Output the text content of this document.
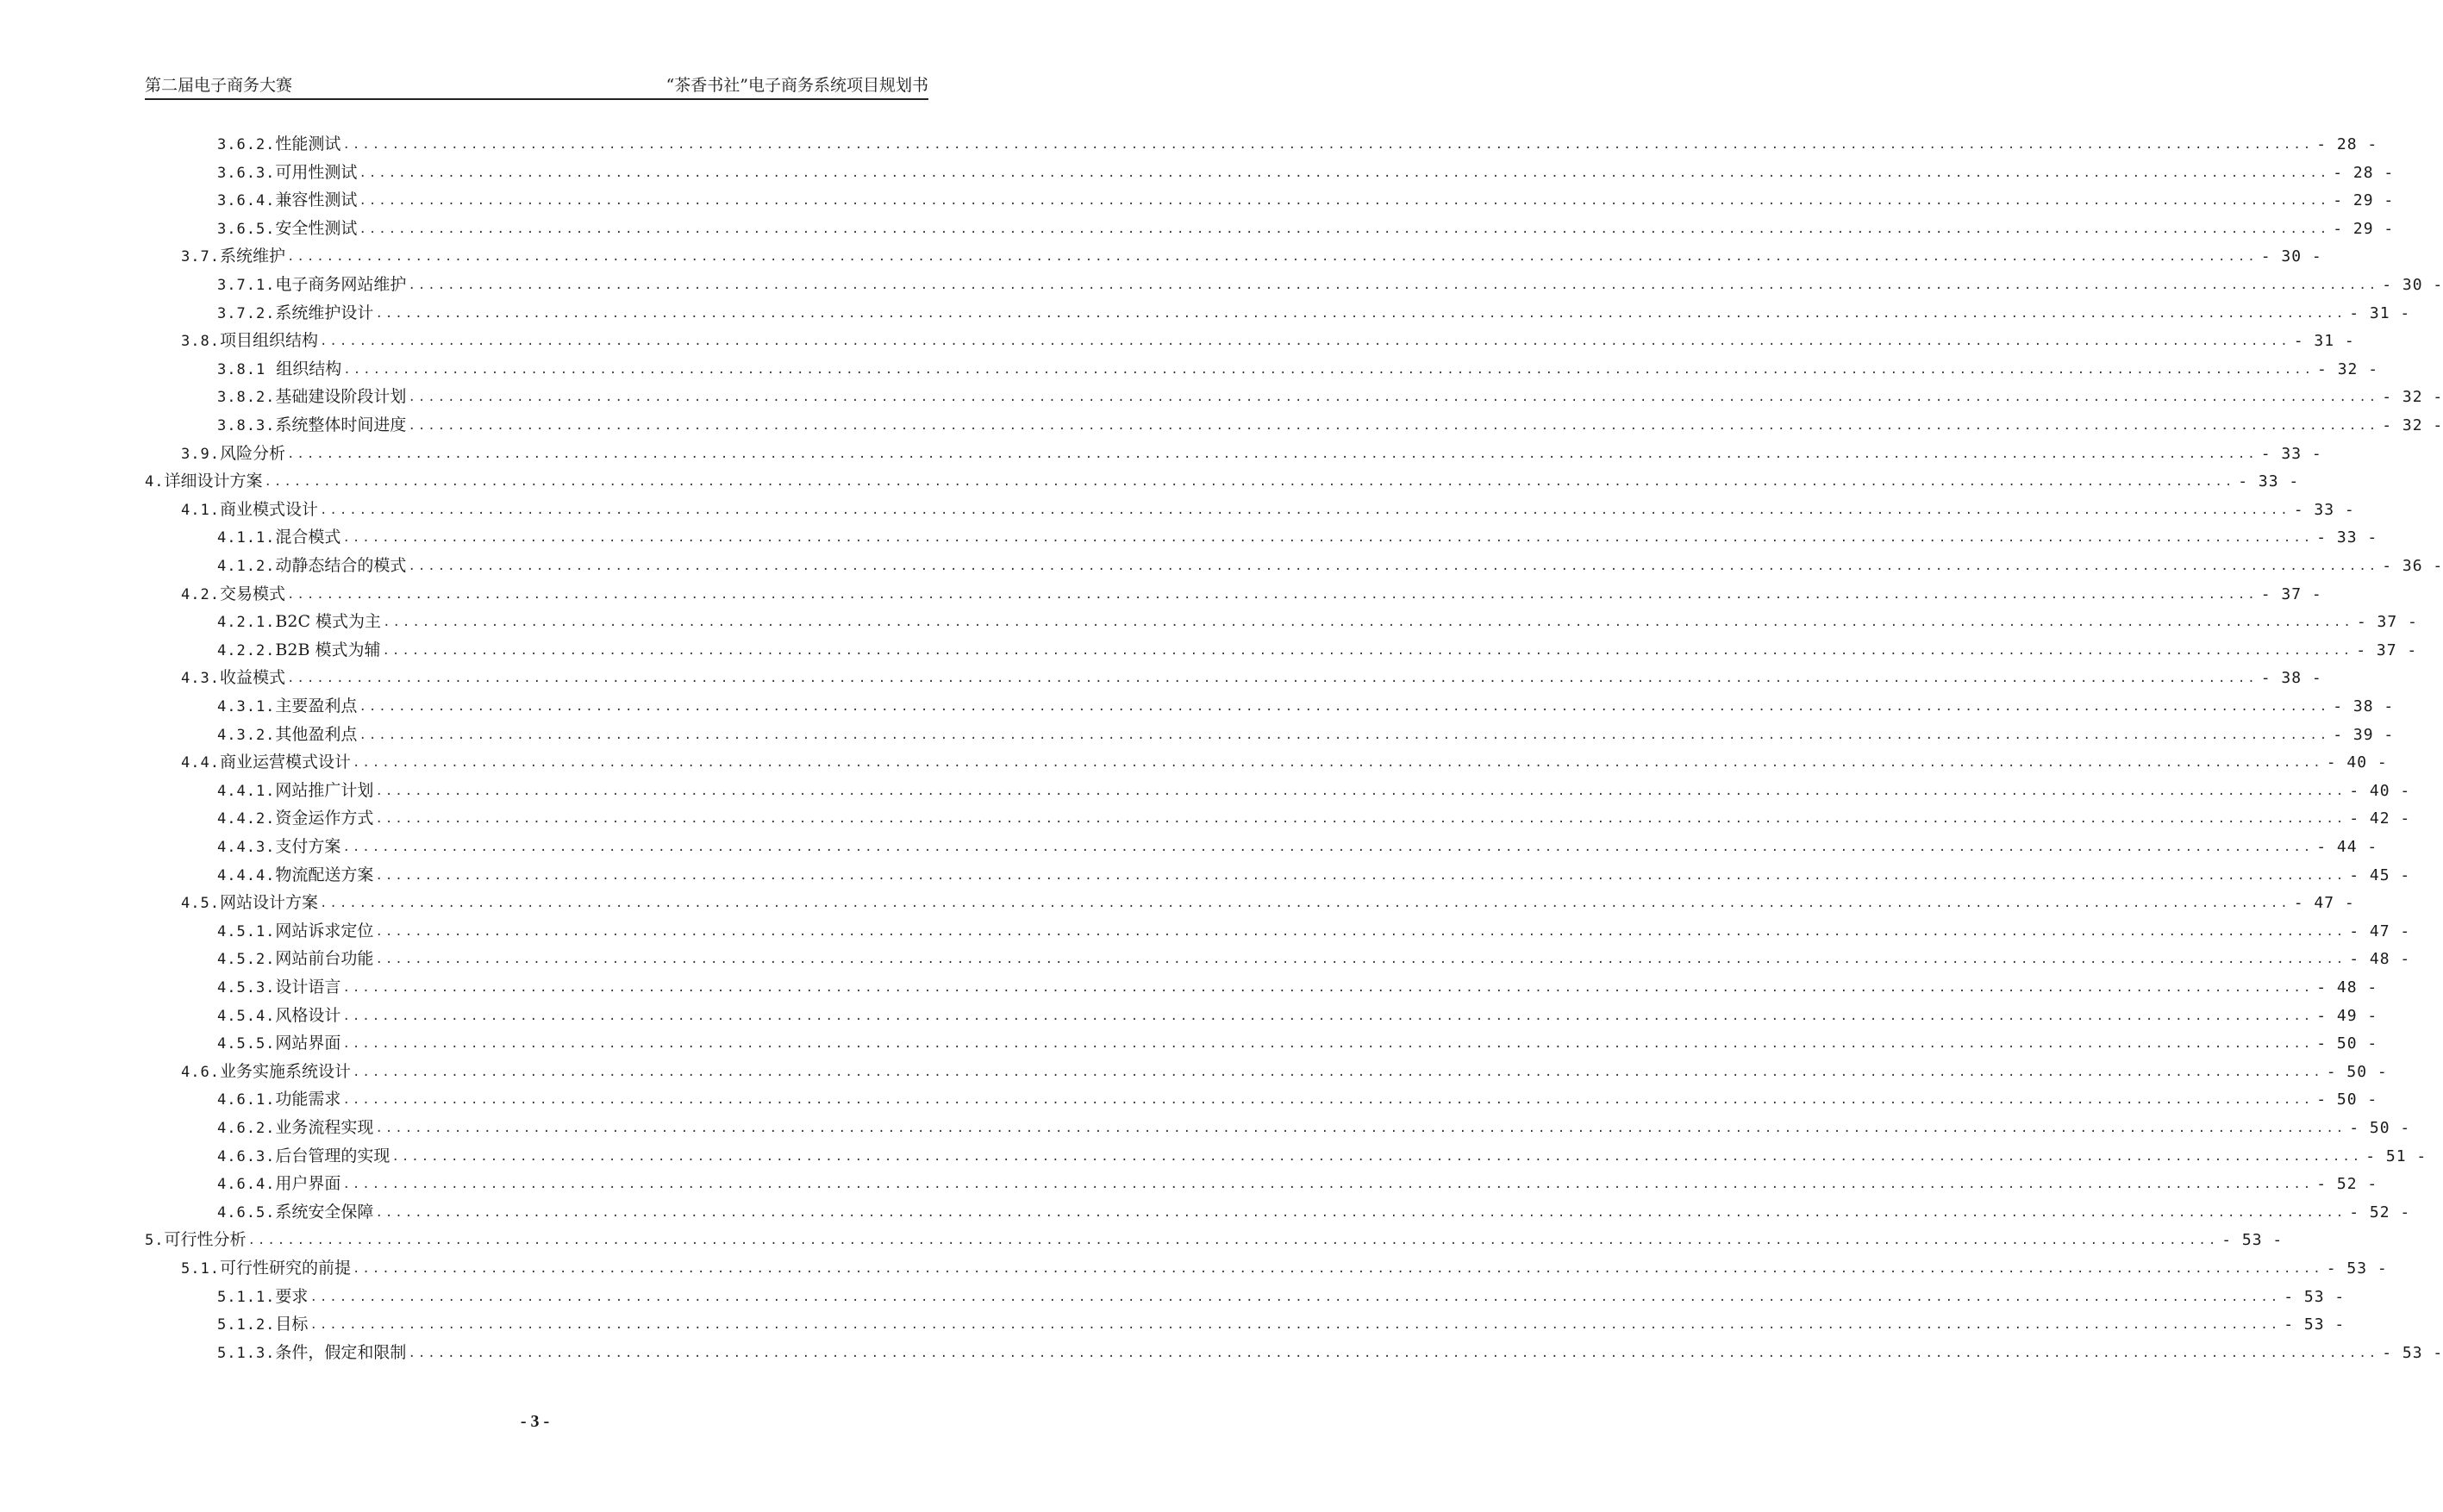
第二届电子商务大赛	“茶香书社”电子商务系统项目规划书
3.6.2.性能测试 ........................................................................................................................................................................................................ - 28 -
3.6.3.可用性测试 ........................................................................................................................................................................................................ - 28 -
3.6.4.兼容性测试 ........................................................................................................................................................................................................ - 29 -
3.6.5.安全性测试 ........................................................................................................................................................................................................ - 29 -
3.7.系统维护 ........................................................................................................................................................................................................ - 30 -
3.7.1.电子商务网站维护 ........................................................................................................................................................................................................ - 30 -
3.7.2.系统维护设计 ........................................................................................................................................................................................................ - 31 -
3.8.项目组织结构 ........................................................................................................................................................................................................ - 31 -
3.8.1  组织结构 ........................................................................................................................................................................................................ - 32 -
3.8.2.基础建设阶段计划 ........................................................................................................................................................................................................ - 32 -
3.8.3.系统整体时间进度 ........................................................................................................................................................................................................ - 32 -
3.9.风险分析 ........................................................................................................................................................................................................ - 33 -
4.详细设计方案 ........................................................................................................................................................................................................ - 33 -
4.1.商业模式设计 ........................................................................................................................................................................................................ - 33 -
4.1.1.混合模式 ........................................................................................................................................................................................................ - 33 -
4.1.2.动静态结合的模式 ........................................................................................................................................................................................................ - 36 -
4.2.交易模式 ........................................................................................................................................................................................................ - 37 -
4.2.1.B2C 模式为主 ........................................................................................................................................................................................................ - 37 -
4.2.2.B2B 模式为辅 ........................................................................................................................................................................................................ - 37 -
4.3.收益模式 ........................................................................................................................................................................................................ - 38 -
4.3.1.主要盈利点 ........................................................................................................................................................................................................ - 38 -
4.3.2.其他盈利点 ........................................................................................................................................................................................................ - 39 -
4.4.商业运营模式设计 ........................................................................................................................................................................................................ - 40 -
4.4.1.网站推广计划 ........................................................................................................................................................................................................ - 40 -
4.4.2.资金运作方式 ........................................................................................................................................................................................................ - 42 -
4.4.3.支付方案 ........................................................................................................................................................................................................ - 44 -
4.4.4.物流配送方案 ........................................................................................................................................................................................................ - 45 -
4.5.网站设计方案 ........................................................................................................................................................................................................ - 47 -
4.5.1.网站诉求定位 ........................................................................................................................................................................................................ - 47 -
4.5.2.网站前台功能 ........................................................................................................................................................................................................ - 48 -
4.5.3.设计语言 ........................................................................................................................................................................................................ - 48 -
4.5.4.风格设计 ........................................................................................................................................................................................................ - 49 -
4.5.5.网站界面 ........................................................................................................................................................................................................ - 50 -
4.6.业务实施系统设计 ........................................................................................................................................................................................................ - 50 -
4.6.1.功能需求 ........................................................................................................................................................................................................ - 50 -
4.6.2.业务流程实现 ........................................................................................................................................................................................................ - 50 -
4.6.3.后台管理的实现 ........................................................................................................................................................................................................ - 51 -
4.6.4.用户界面 ........................................................................................................................................................................................................ - 52 -
4.6.5.系统安全保障 ........................................................................................................................................................................................................ - 52 -
5.可行性分析 ........................................................................................................................................................................................................ - 53 -
5.1.可行性研究的前提 ........................................................................................................................................................................................................ - 53 -
5.1.1.要求 ........................................................................................................................................................................................................ - 53 -
5.1.2.目标 ........................................................................................................................................................................................................ - 53 -
5.1.3.条件，假定和限制 ........................................................................................................................................................................................................ - 53 -
- 3 -
